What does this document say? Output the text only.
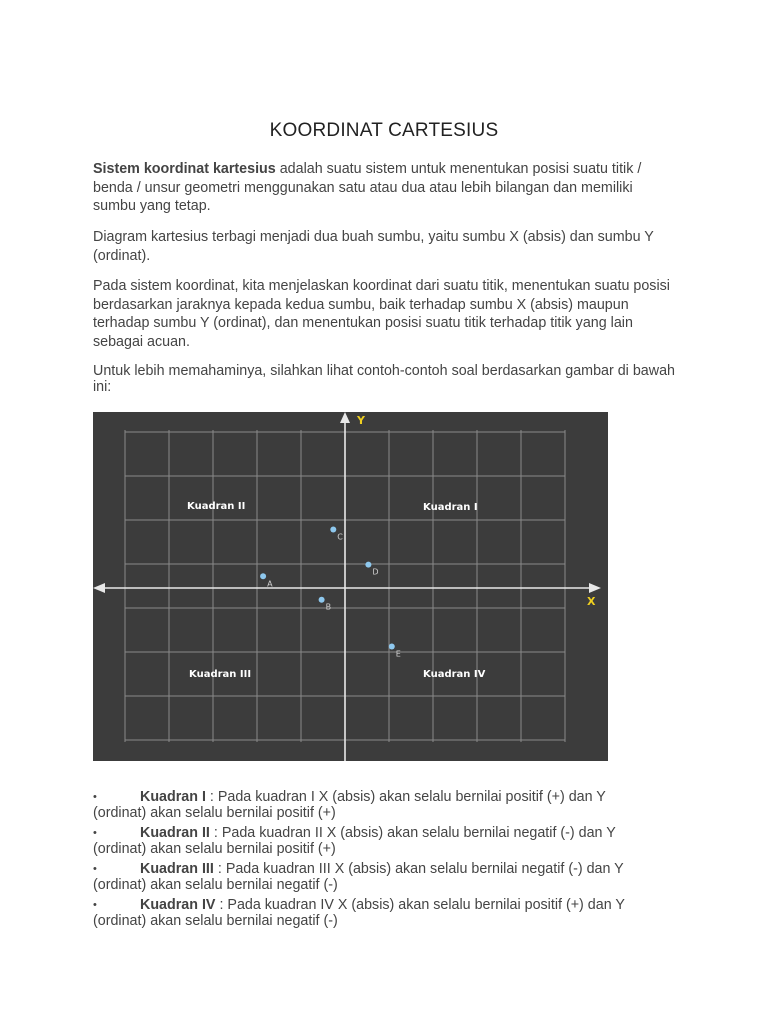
KOORDINAT CARTESIUS

Sistem koordinat kartesius adalah suatu sistem untuk menentukan posisi suatu titik / benda / unsur geometri menggunakan satu atau dua atau lebih bilangan dan memiliki sumbu yang tetap.

Diagram kartesius terbagi menjadi dua buah sumbu, yaitu sumbu X (absis) dan sumbu Y (ordinat).

Pada sistem koordinat, kita menjelaskan koordinat dari suatu titik, menentukan suatu posisi berdasarkan jaraknya kepada kedua sumbu, baik terhadap sumbu X (absis) maupun terhadap sumbu Y (ordinat), dan menentukan posisi suatu titik terhadap titik yang lain sebagai acuan.

Untuk lebih memahaminya, silahkan lihat contoh-contoh soal berdasarkan gambar di bawah ini:

X
Y
Kuadran I
Kuadran II
Kuadran III	Kuadran IV
A
B
C
D
E
•	Kuadran I : Pada kuadran I X (absis) akan selalu bernilai positif (+) dan Y
(ordinat) akan selalu bernilai positif (+)
•	Kuadran II : Pada kuadran II X (absis) akan selalu bernilai negatif (-) dan Y
(ordinat) akan selalu bernilai positif (+)
•	Kuadran III : Pada kuadran III X (absis) akan selalu bernilai negatif (-) dan Y
(ordinat) akan selalu bernilai negatif (-)
•	Kuadran IV : Pada kuadran IV X (absis) akan selalu bernilai positif (+) dan Y
(ordinat) akan selalu bernilai negatif (-)
